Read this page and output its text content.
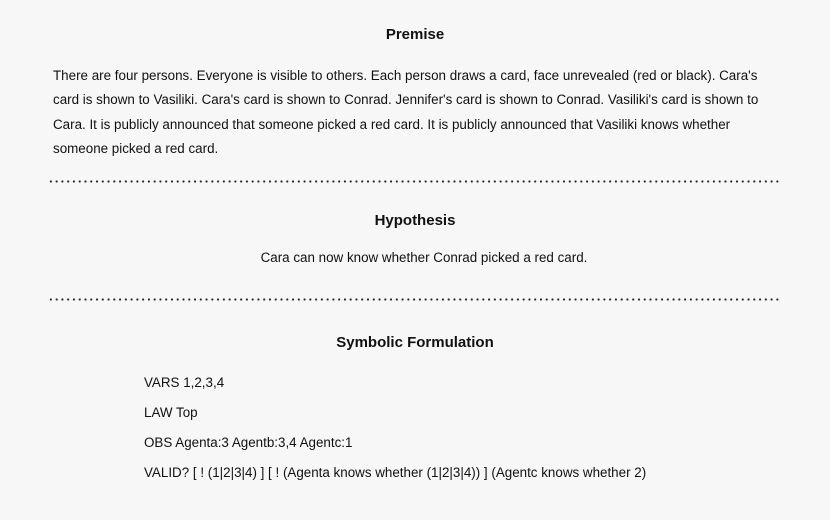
Premise

There are four persons. Everyone is visible to others. Each person draws a card, face unrevealed (red or black). Cara's card is shown to Vasiliki. Cara's card is shown to Conrad. Jennifer's card is shown to Conrad. Vasiliki's card is shown to Cara. It is publicly announced that someone picked a red card. It is publicly announced that Vasiliki knows whether someone picked a red card.

Hypothesis

Cara can now know whether Conrad picked a red card.

Symbolic Formulation
VARS 1,2,3,4
LAW Top
OBS Agenta:3 Agentb:3,4 Agentc:1
VALID? [ ! (1|2|3|4) ] [ ! (Agenta knows whether (1|2|3|4)) ] (Agentc knows whether 2)
